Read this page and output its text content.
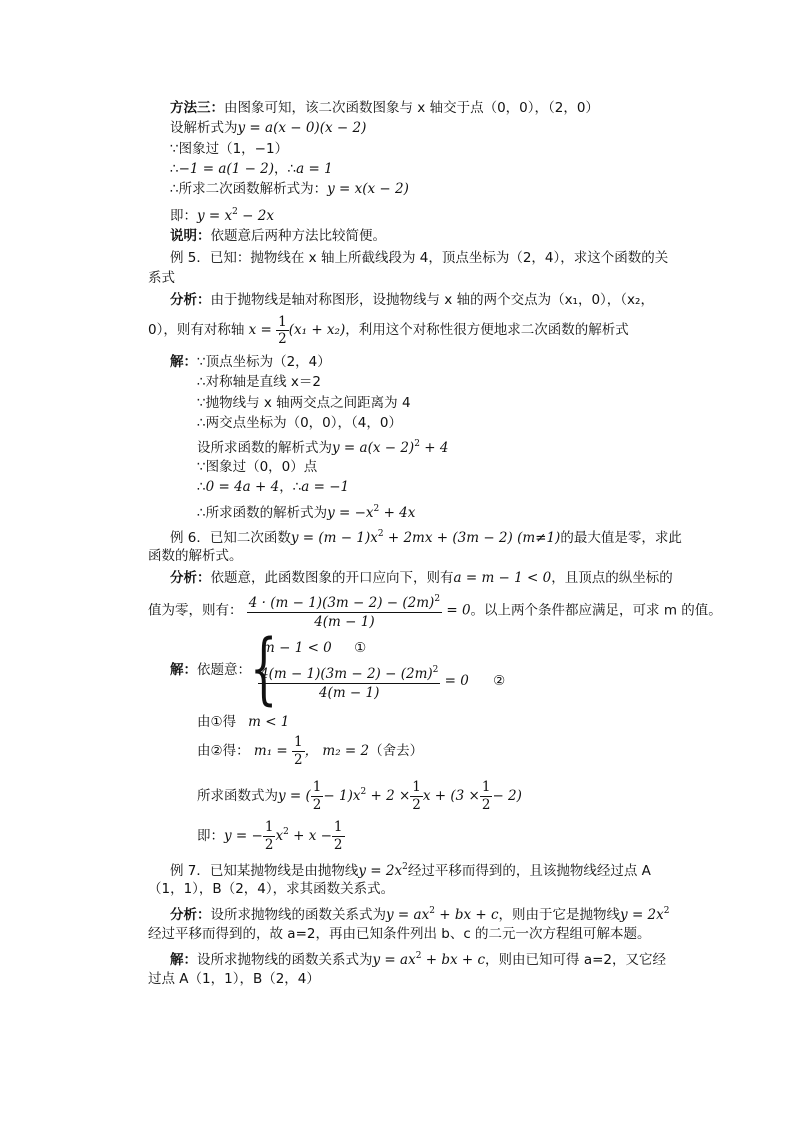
方法三：由图象可知，该二次函数图象与 x 轴交于点（0，0），（2，0）
设解析式为y = a(x − 0)(x − 2)
∵图象过（1，−1）
∴−1 = a(1 − 2)，∴a = 1
∴所求二次函数解析式为：y = x(x − 2)
即：$y = x^2 - 2x$
说明：依题意后两种方法比较简便。
例 5．已知：抛物线在 x 轴上所截线段为 4，顶点坐标为（2，4），求这个函数的关
系式
分析：由于抛物线是轴对称图形，设抛物线与 x 轴的两个交点为（x₁，0），（x₂，
0），则有对称轴 $x = \frac{1}{2} (x_1 + x_2)$，利用这个对称性很方便地求二次函数的解析式
解：∵顶点坐标为（2，4）
∴对称轴是直线 x＝2
∵抛物线与 x 轴两交点之间距离为 4
∴两交点坐标为（0，0），（4，0）
设所求函数的解析式为$y = a(x - 2)^2 + 4$
∵图象过（0，0）点
∴0 = 4a + 4，∴a = −1
∴所求函数的解析式为$y = -x^2 + 4x$
例 6．已知二次函数$y = (m - 1)x^2 + 2mx + (3m - 2)$ (m≠1)的最大值是零，求此
函数的解析式。
分析：依题意，此函数图象的开口应向下，则有a = m − 1 < 0，且顶点的纵坐标的
值为零，则有： $\frac{4 \cdot (m - 1)(3m - 2) - (2m)^2}{4(m - 1)} = 0$。以上两个条件都应满足，可求 m 的值。
解：依题意： {
m − 1 < 0 ①
$\frac{4(m - 1)(3m - 2) - (2m)^2}{4(m - 1)} = 0$ ②
由①得 m < 1
由②得： $m_1 = \frac{1}{2}$ ， m₂ = 2（舍去）
所求函数式为y = ( $\frac{1}{2} - 1)x^2 + 2 \times \frac{1}{2}$ $x + (3 \times \frac{1}{2} - 2)$
即：y = − $\frac{1}{2} x^2 + x - \frac{1}{2}$
例 7．已知某抛物线是由抛物线$y = 2x^2$经过平移而得到的，且该抛物线经过点 A
（1，1），B（2，4），求其函数关系式。
分析：设所求抛物线的函数关系式为$y = ax^2$ + bx + c，则由于它是抛物线$y = 2x^2$
经过平移而得到的，故 a=2，再由已知条件列出 b、c 的二元一次方程组可解本题。
解：设所求抛物线的函数关系式为$y = ax^2$ + bx + c，则由已知可得 a=2，又它经
过点 A（1，1），B（2，4）
